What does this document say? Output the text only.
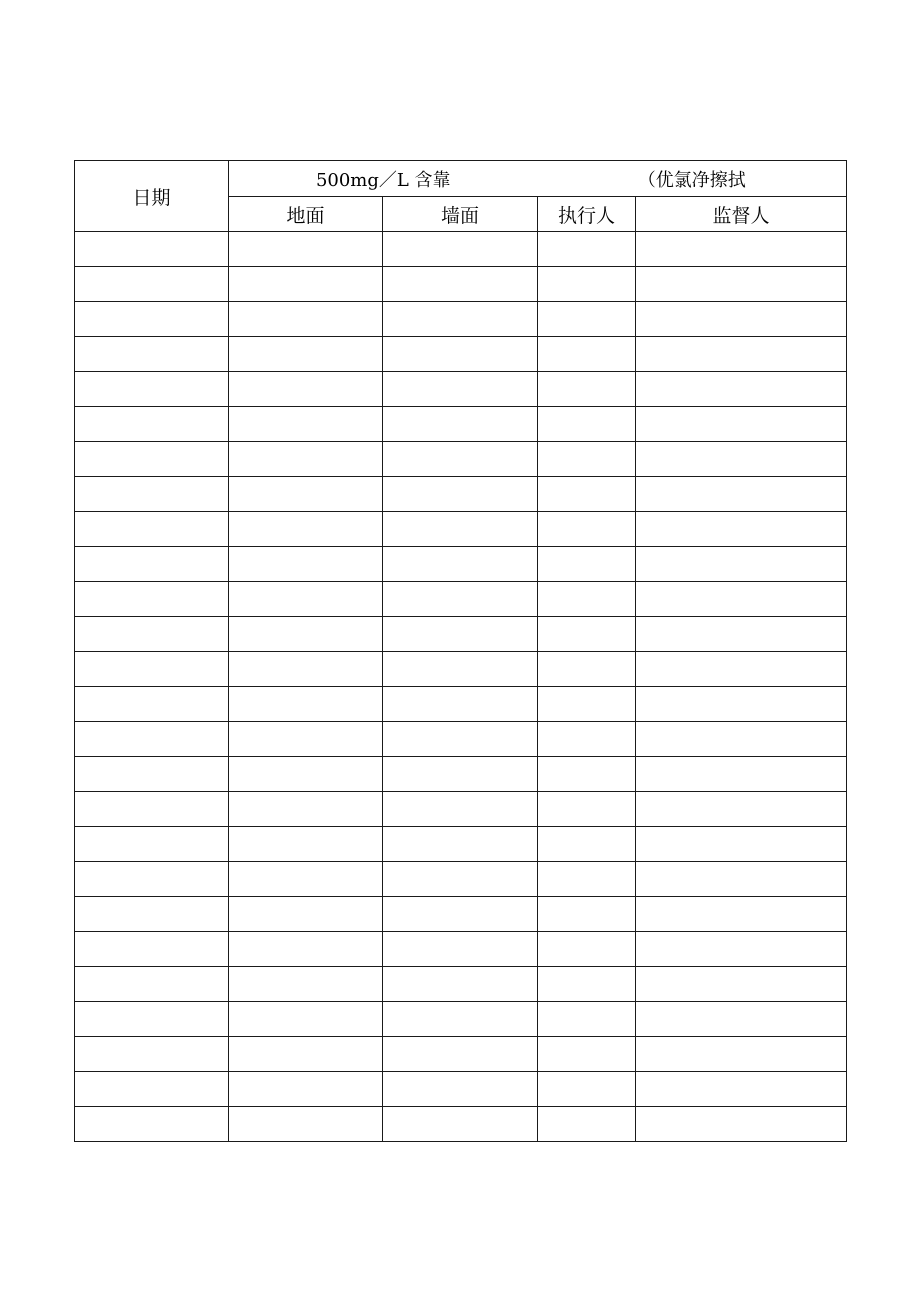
日期	500mg／L 含靠		（优氯净擦拭	
	地面	墙面	执行人	监督人
